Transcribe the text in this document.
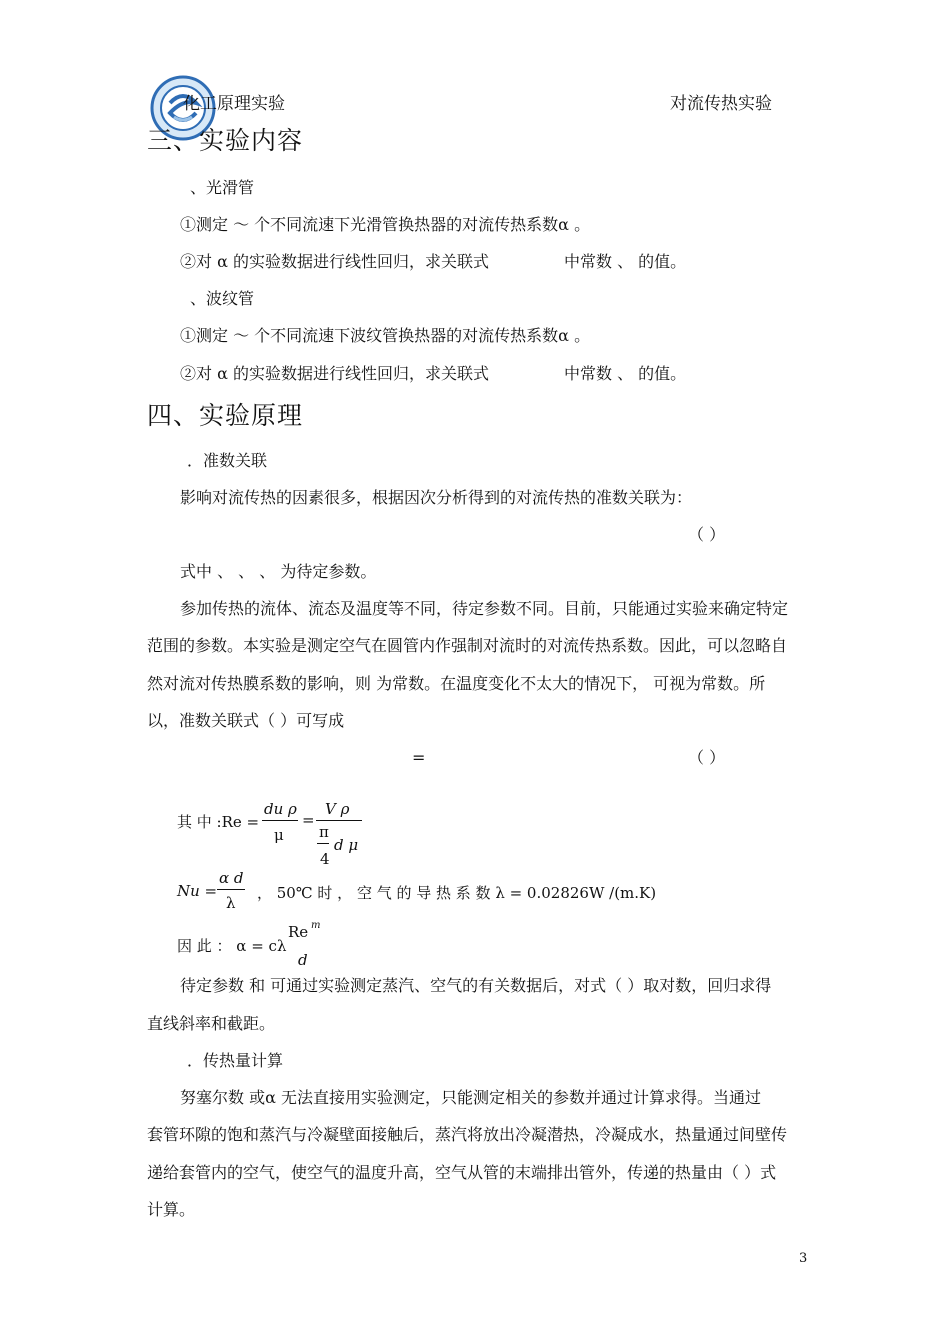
化工原理实验	对流传热实验
三、实验内容
、光滑管
①测定 ～ 个不同流速下光滑管换热器的对流传热系数α 。
②对 α 的实验数据进行线性回归，求关联式	中常数 、 的值。
、波纹管
①测定 ～ 个不同流速下波纹管换热器的对流传热系数α 。
②对 α 的实验数据进行线性回归，求关联式	中常数 、 的值。
四、实验原理
．准数关联
影响对流传热的因素很多，根据因次分析得到的对流传热的准数关联为：
（ ）
式中 、 、 、 为待定参数。
参加传热的流体、流态及温度等不同，待定参数不同。目前，只能通过实验来确定特定
范围的参数。本实验是测定空气在圆管内作强制对流时的对流传热系数。因此，可以忽略自
然对流对传热膜系数的影响，则 为常数。在温度变化不太大的情况下， 可视为常数。所
以，准数关联式（ ）可写成
=	（ ）
其 中 :Re =
du ρ
μ
=
V ρ
π
4
d μ
Nu =
α d
λ
， 50℃ 时 ， 空 气 的 导 热 系 数 λ = 0.02826W /(m.K)
因 此 ： α = cλ
Re m
d
待定参数 和 可通过实验测定蒸汽、空气的有关数据后，对式（ ）取对数，回归求得
直线斜率和截距。
．传热量计算
努塞尔数 或α 无法直接用实验测定，只能测定相关的参数并通过计算求得。当通过
套管环隙的饱和蒸汽与冷凝壁面接触后，蒸汽将放出冷凝潜热，冷凝成水，热量通过间壁传
递给套管内的空气，使空气的温度升高，空气从管的末端排出管外，传递的热量由（ ）式
计算。
3
